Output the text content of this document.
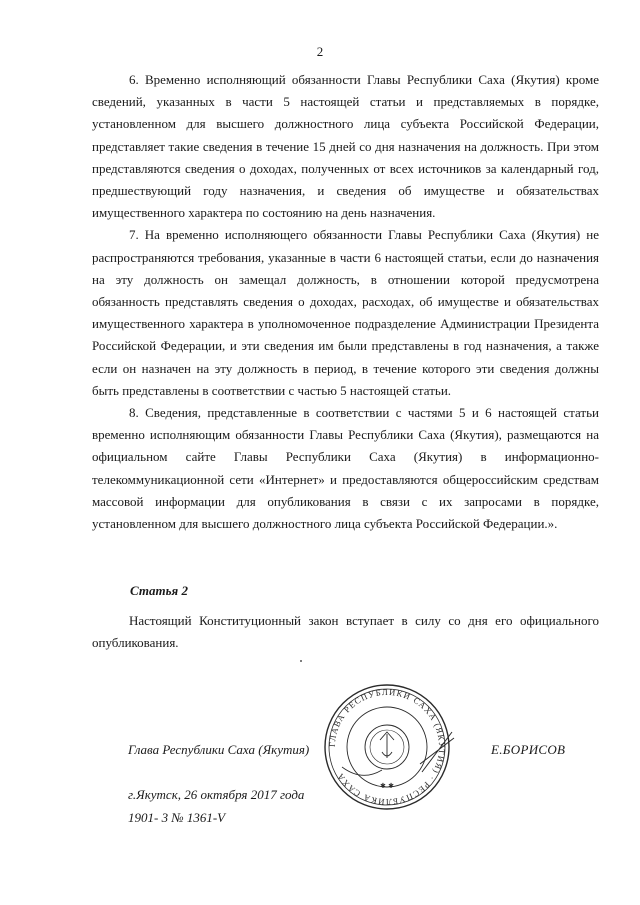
2

6. Временно исполняющий обязанности Главы Республики Саха (Якутия) кроме сведений, указанных в части 5 настоящей статьи и представляемых в порядке, установленном для высшего должностного лица субъекта Российской Федерации, представляет такие сведения в течение 15 дней со дня назначения на должность. При этом представляются сведения о доходах, полученных от всех источников за календарный год, предшествующий году назначения, и сведения об имуществе и обязательствах имущественного характера по состоянию на день назначения.

7. На временно исполняющего обязанности Главы Республики Саха (Якутия) не распространяются требования, указанные в части 6 настоящей статьи, если до назначения на эту должность он замещал должность, в отношении которой предусмотрена обязанность представлять сведения о доходах, расходах, об имуществе и обязательствах имущественного характера в уполномоченное подразделение Администрации Президента Российской Федерации, и эти сведения им были представлены в год назначения, а также если он назначен на эту должность в период, в течение которого эти сведения должны быть представлены в соответствии с частью 5 настоящей статьи.

8. Сведения, представленные в соответствии с частями 5 и 6 настоящей статьи временно исполняющим обязанности Главы Республики Саха (Якутия), размещаются на официальном сайте Главы Республики Саха (Якутия) в информационно-телекоммуникационной сети «Интернет» и предоставляются общероссийским средствам массовой информации для опубликования в связи с их запросами в порядке, установленном для высшего должностного лица субъекта Российской Федерации.».

Статья 2

Настоящий Конституционный закон вступает в силу со дня его официального опубликования.

ГЛАВА РЕСПУБЛИКИ САХА (ЯКУТИЯ) · РЕСПУБЛИКА САХА
✱ ✱
Глава Республики Саха (Якутия)	Е.БОРИСОВ
г.Якутск, 26 октября 2017 года
1901- 3 № 1361-V
